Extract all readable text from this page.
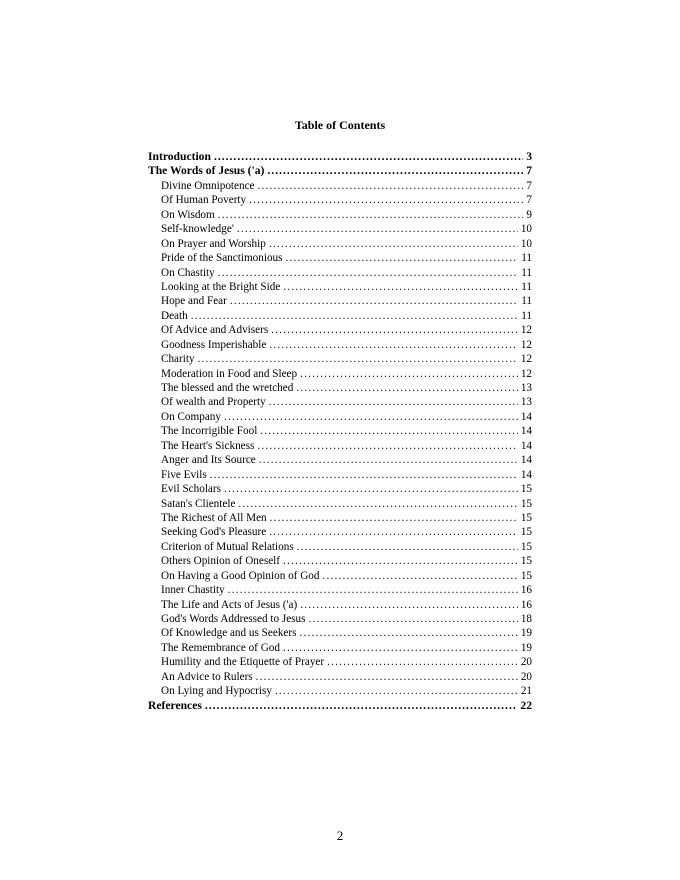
Table of Contents
Introduction .....	3
The Words of Jesus ('a) .....	7
Divine Omnipotence .....	7
Of Human Poverty .....	7
On Wisdom .....	9
Self-knowledge' .....	10
On Prayer and Worship .....	10
Pride of the Sanctimonious .....	11
On Chastity .....	11
Looking at the Bright Side .....	11
Hope and Fear .....	11
Death .....	11
Of Advice and Advisers .....	12
Goodness Imperishable .....	12
Charity .....	12
Moderation in Food and Sleep .....	12
The blessed and the wretched .....	13
Of wealth and Property .....	13
On Company .....	14
The Incorrigible Fool .....	14
The Heart's Sickness .....	14
Anger and Its Source .....	14
Five Evils .....	14
Evil Scholars .....	15
Satan's Clientele .....	15
The Richest of All Men .....	15
Seeking God's Pleasure .....	15
Criterion of Mutual Relations .....	15
Others Opinion of Oneself .....	15
On Having a Good Opinion of God .....	15
Inner Chastity .....	16
The Life and Acts of Jesus ('a) .....	16
God's Words Addressed to Jesus .....	18
Of Knowledge and us Seekers .....	19
The Remembrance of God .....	19
Humility and the Etiquette of Prayer .....	20
An Advice to Rulers .....	20
On Lying and Hypocrisy .....	21
References .....	22
2
